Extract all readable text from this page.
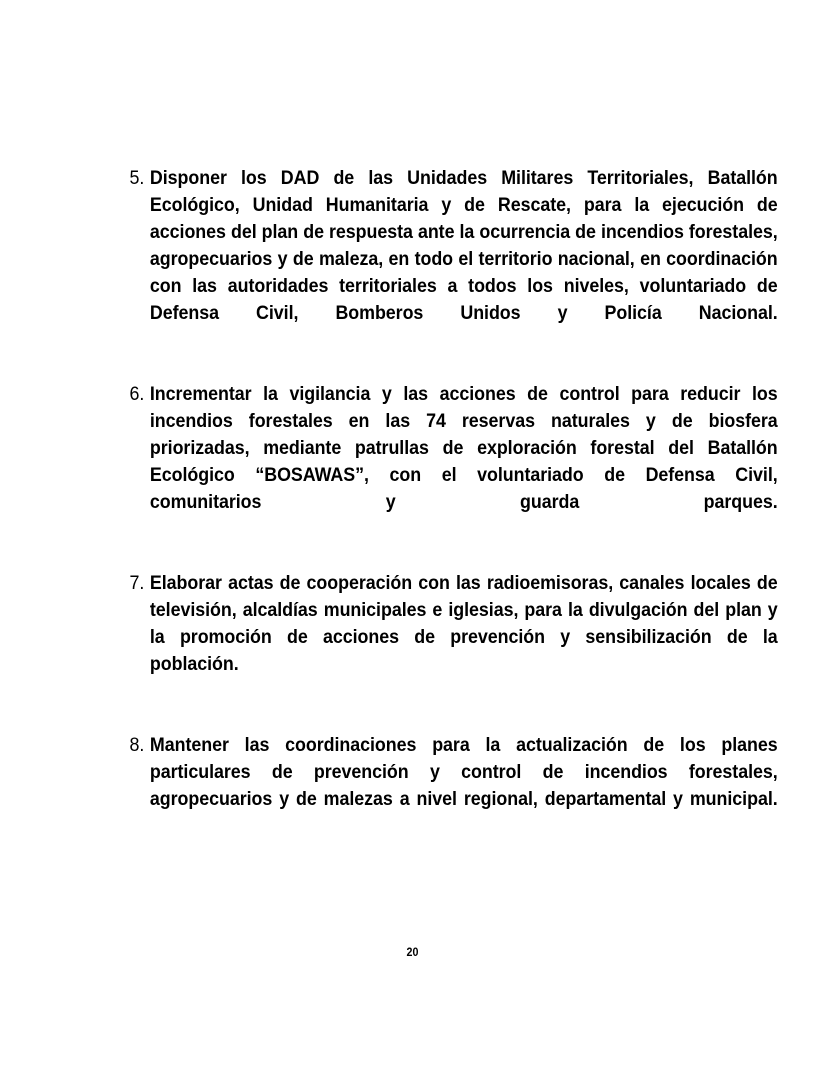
5. Disponer los DAD de las Unidades Militares Territoriales, Batallón Ecológico, Unidad Humanitaria y de Rescate, para la ejecución de acciones del plan de respuesta ante la ocurrencia de incendios forestales, agropecuarios y de maleza, en todo el territorio nacional, en coordinación con las autoridades territoriales a todos los niveles, voluntariado de Defensa Civil, Bomberos Unidos y Policía Nacional.
6. Incrementar la vigilancia y las acciones de control para reducir los incendios forestales en las 74 reservas naturales y de biosfera priorizadas, mediante patrullas de exploración forestal del Batallón Ecológico “BOSAWAS”, con el voluntariado de Defensa Civil, comunitarios y guarda parques.
7. Elaborar actas de cooperación con las radioemisoras, canales locales de televisión, alcaldías municipales e iglesias, para la divulgación del plan y la promoción de acciones de prevención y sensibilización de la población.
8. Mantener las coordinaciones para la actualización de los planes particulares de prevención y control de incendios forestales, agropecuarios y de malezas a nivel regional, departamental y municipal.
20
